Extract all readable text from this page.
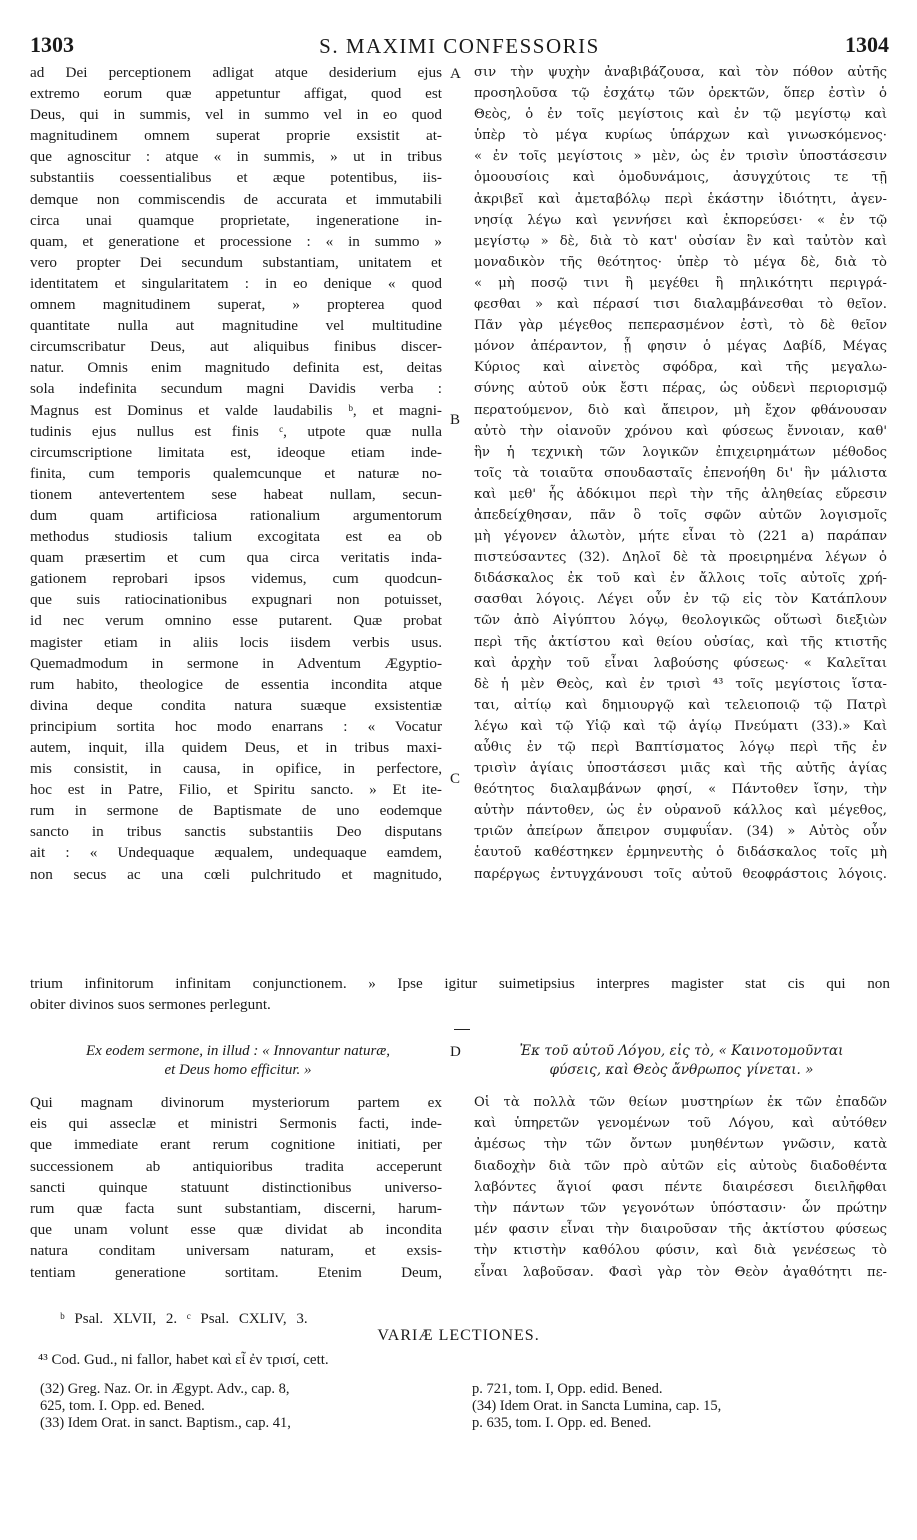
1303	S. MAXIMI CONFESSORIS	1304
ad Dei perceptionem adligat atque desiderium ejus
extremo eorum quæ appetuntur affigat, quod est
Deus, qui in summis, vel in summo vel in eo quod
magnitudinem omnem superat proprie exsistit at-
que agnoscitur : atque « in summis, » ut in tribus
substantiis coessentialibus et æque potentibus, iis-
demque non commiscendis de accurata et immutabili
circa unai quamque proprietate, ingeneratione in-
quam, et generatione et processione : « in summo »
vero propter Dei secundum substantiam, unitatem et
identitatem et singularitatem : in eo denique « quod
omnem magnitudinem superat, » propterea quod
quantitate nulla aut magnitudine vel multitudine
circumscribatur Deus, aut aliquibus finibus discer-
natur. Omnis enim magnitudo definita est, deitas
sola indefinita secundum magni Davidis verba :
Magnus est Dominus et valde laudabilis ᵇ, et magni-
tudinis ejus nullus est finis ᶜ, utpote quæ nulla
circumscriptione limitata est, ideoque etiam inde-
finita, cum temporis qualemcunque et naturæ no-
tionem antevertentem sese habeat nullam, secun-
dum quam artificiosa rationalium argumentorum
methodus studiosis talium excogitata est ea ob
quam præsertim et cum qua circa veritatis inda-
gationem reprobari ipsos videmus, cum quodcun-
que suis ratiocinationibus expugnari non potuisset,
id nec verum omnino esse putarent. Quæ probat
magister etiam in aliis locis iisdem verbis usus.
Quemadmodum in sermone in Adventum Ægyptio-
rum habito, theologice de essentia incondita atque
divina deque condita natura suæque exsistentiæ
principium sortita hoc modo enarrans : « Vocatur
autem, inquit, illa quidem Deus, et in tribus maxi-
mis consistit, in causa, in opifice, in perfectore,
hoc est in Patre, Filio, et Spiritu sancto. » Et ite-
rum in sermone de Baptismate de uno eodemque
sancto in tribus sanctis substantiis Deo disputans
ait : « Undequaque æqualem, undequaque eamdem,
non secus ac una cœli pulchritudo et magnitudo,
σιν τὴν ψυχὴν ἀναβιβάζουσα, καὶ τὸν πόθον αὐτῆς
προσηλοῦσα τῷ ἐσχάτῳ τῶν ὀρεκτῶν, ὅπερ ἐστὶν ὁ
Θεὸς, ὁ ἐν τοῖς μεγίστοις καὶ ἐν τῷ μεγίστῳ καὶ
ὑπὲρ τὸ μέγα κυρίως ὑπάρχων καὶ γινωσκόμενος·
« ἐν τοῖς μεγίστοις » μὲν, ὡς ἐν τρισὶν ὑποστάσεσιν
ὁμοουσίοις καὶ ὁμοδυνάμοις, ἀσυγχύτοις τε τῇ
ἀκριβεῖ καὶ ἀμεταβόλῳ περὶ ἑκάστην ἰδιότητι, ἀγεν-
νησίᾳ λέγω καὶ γεννήσει καὶ ἐκπορεύσει· « ἐν τῷ
μεγίστῳ » δὲ, διὰ τὸ κατ' οὐσίαν ἓν καὶ ταὐτὸν καὶ
μοναδικὸν τῆς θεότητος· ὑπὲρ τὸ μέγα δὲ, διὰ τὸ
« μὴ ποσῷ τινι ἢ μεγέθει ἢ πηλικότητι περιγρά-
φεσθαι » καὶ πέρασί τισι διαλαμβάνεσθαι τὸ θεῖον.
Πᾶν γὰρ μέγεθος πεπερασμένον ἐστὶ, τὸ δὲ θεῖον
μόνον ἀπέραντον, ᾗ φησιν ὁ μέγας Δαβίδ, Μέγας
Κύριος καὶ αἰνετὸς σφόδρα, καὶ τῆς μεγαλω-
σύνης αὐτοῦ οὐκ ἔστι πέρας, ὡς οὐδενὶ περιορισμῷ
περατούμενον, διὸ καὶ ἄπειρον, μὴ ἔχον φθάνουσαν
αὐτὸ τὴν οἱανοῦν χρόνου καὶ φύσεως ἔννοιαν, καθ'
ἣν ἡ τεχνικὴ τῶν λογικῶν ἐπιχειρημάτων μέθοδος
τοῖς τὰ τοιαῦτα σπουδασταῖς ἐπενοήθη δι' ἣν μάλιστα
καὶ μεθ' ἧς ἀδόκιμοι περὶ τὴν τῆς ἀληθείας εὕρεσιν
ἀπεδείχθησαν, πᾶν ὃ τοῖς σφῶν αὐτῶν λογισμοῖς
μὴ γέγονεν ἁλωτὸν, μήτε εἶναι τὸ (221 a) παράπαν
πιστεύσαντες (32). Δηλοῖ δὲ τὰ προειρημένα λέγων ὁ
διδάσκαλος ἐκ τοῦ καὶ ἐν ἄλλοις τοῖς αὐτοῖς χρή-
σασθαι λόγοις. Λέγει οὖν ἐν τῷ εἰς τὸν Κατάπλουν
τῶν ἀπὸ Αἰγύπτου λόγῳ, θεολογικῶς οὕτωσὶ διεξιὼν
περὶ τῆς ἀκτίστου καὶ θείου οὐσίας, καὶ τῆς κτιστῆς
καὶ ἀρχὴν τοῦ εἶναι λαβούσης φύσεως· « Καλεῖται
δὲ ἡ μὲν Θεὸς, καὶ ἐν τρισὶ ⁴³ τοῖς μεγίστοις ἵστα-
ται, αἰτίῳ καὶ δημιουργῷ καὶ τελειοποιῷ τῷ Πατρὶ
λέγω καὶ τῷ Υἱῷ καὶ τῷ ἁγίῳ Πνεύματι (33).» Καὶ
αὖθις ἐν τῷ περὶ Βαπτίσματος λόγῳ περὶ τῆς ἐν
τρισὶν ἁγίαις ὑποστάσεσι μιᾶς καὶ τῆς αὐτῆς ἁγίας
θεότητος διαλαμβάνων φησί, « Πάντοθεν ἴσην, τὴν
αὐτὴν πάντοθεν, ὡς ἐν οὐρανοῦ κάλλος καὶ μέγεθος,
τριῶν ἀπείρων ἄπειρον συμφυΐαν. (34) » Αὐτὸς οὖν
ἑαυτοῦ καθέστηκεν ἑρμηνευτὴς ὁ διδάσκαλος τοῖς μὴ
παρέργως ἐντυγχάνουσι τοῖς αὐτοῦ θεοφράστοις λόγοις.
A
B
C
D
trium infinitorum infinitam conjunctionem. » Ipse igitur suimetipsius interpres magister stat cis qui non
obiter divinos suos sermones perlegunt.
Ex eodem sermone, in illud : « Innovantur naturæ,
et Deus homo efficitur. »
Ἐκ τοῦ αὐτοῦ Λόγου, εἰς τὸ, « Καινοτομοῦνται
φύσεις, καὶ Θεὸς ἄνθρωπος γίνεται. »
Qui magnam divinorum mysteriorum partem ex
eis qui asseclæ et ministri Sermonis facti, inde-
que immediate erant rerum cognitione initiati, per
successionem ab antiquioribus tradita acceperunt
sancti quinque statuunt distinctionibus universo-
rum quæ facta sunt substantiam, discerni, harum-
que unam volunt esse quæ dividat ab incondita
natura conditam universam naturam, et exsis-
tentiam generatione sortitam. Etenim Deum,
Οἱ τὰ πολλὰ τῶν θείων μυστηρίων ἐκ τῶν ἐπαδῶν
καὶ ὑπηρετῶν γενομένων τοῦ Λόγου, καὶ αὐτόθεν
ἀμέσως τὴν τῶν ὄντων μυηθέντων γνῶσιν, κατὰ
διαδοχὴν διὰ τῶν πρὸ αὐτῶν εἰς αὐτοὺς διαδοθέντα
λαβόντες ἅγιοί φασι πέντε διαιρέσεσι διειλῆφθαι
τὴν πάντων τῶν γεγονότων ὑπόστασιν· ὧν πρώτην
μέν φασιν εἶναι τὴν διαιροῦσαν τῆς ἀκτίστου φύσεως
τὴν κτιστὴν καθόλου φύσιν, καὶ διὰ γενέσεως τὸ
εἶναι λαβοῦσαν. Φασὶ γὰρ τὸν Θεὸν ἀγαθότητι πε-
ᵇ Psal. XLVII, 2. ᶜ Psal. CXLIV, 3.
VARIÆ LECTIONES.
⁴³ Cod. Gud., ni fallor, habet καὶ εἶ ἐν τρισί, cett.
(32) Greg. Naz. Or. in Ægypt. Adv., cap. 8,
625, tom. I. Opp. ed. Bened.
(33) Idem Orat. in sanct. Baptism., cap. 41,
p. 721, tom. I, Opp. edid. Bened.
(34) Idem Orat. in Sancta Lumina, cap. 15,
p. 635, tom. I. Opp. ed. Bened.
